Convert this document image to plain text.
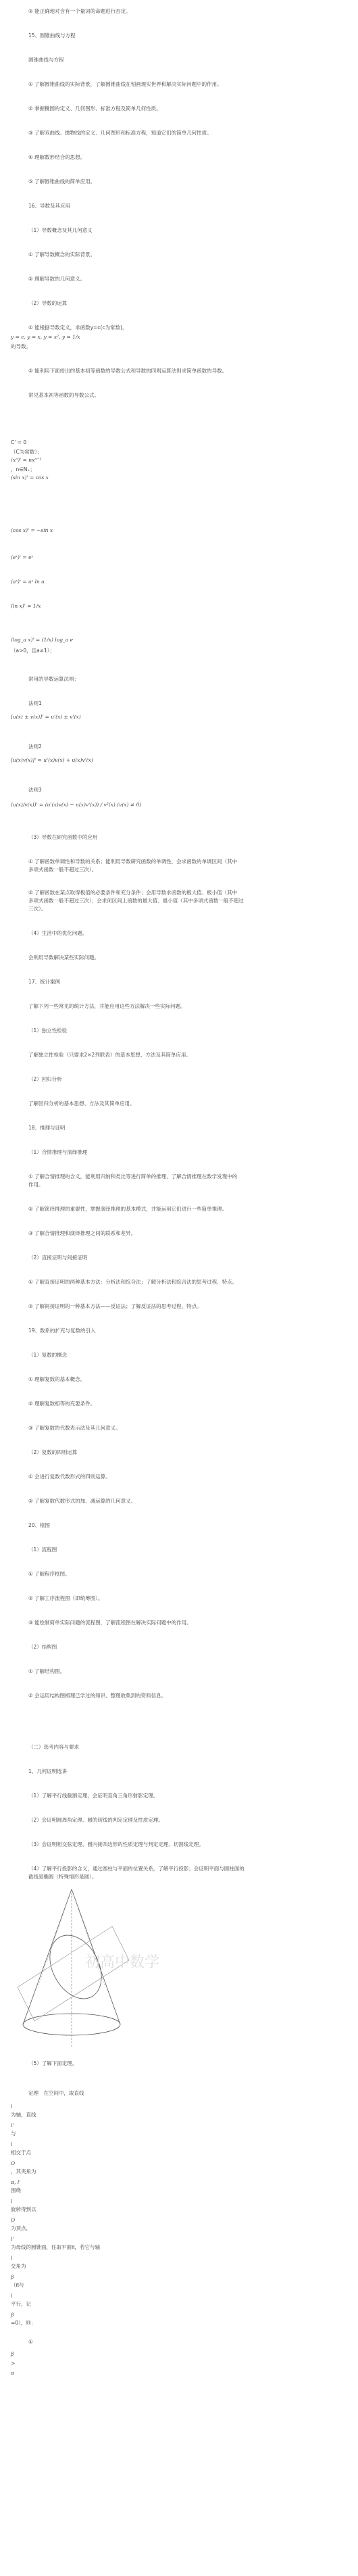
初高中数学
② 能正确地对含有一个量词的命题进行否定。
15、圆锥曲线与方程
圆锥曲线与方程
① 了解圆锥曲线的实际背景，了解圆锥曲线在刻画现实世界和解决实际问题中的作用。
② 掌握椭圆的定义、几何图形、标准方程及简单几何性质。
③ 了解双曲线、抛物线的定义、几何图形和标准方程，知道它们的简单几何性质。
④ 理解数形结合的思想。
⑤ 了解圆锥曲线的简单应用。
16、导数及其应用
（1）导数概念及其几何意义
① 了解导数概念的实际背景。
② 理解导数的几何意义。
（2）导数的运算
① 能根据导数定义，求函数y=c(c为常数)，
y = c, y = x, y = x², y = 1/x
的导数。
② 能利用下面给出的基本初等函数的导数公式和导数的四则运算法则求简单函数的导数。
常见基本初等函数的导数公式。
C' = 0
（C为常数）；
(xⁿ)' = nxⁿ⁻¹
，n∈N₊；
(sin x)' = cos x
(cos x)' = −sin x
(eˣ)' = eˣ
(aˣ)' = aˣ ln a
(ln x)' = 1/x
(log_a x)' = (1/x) log_a e
（a>0，且a≠1）；
常用的导数运算法则：
法则1
[u(x) ± v(x)]' = u'(x) ± v'(x)
法则2
[u(x)v(x)]' = u'(x)v(x) + u(x)v'(x)
法则3
(u(x)/v(x))' = (u'(x)v(x) − u(x)v'(x)) / v²(x) (v(x) ≠ 0)
（3）导数在研究函数中的应用
① 了解函数单调性和导数的关系；能利用导数研究函数的单调性，会求函数的单调区间（其中
多项式函数一般不超过三次）。
② 了解函数在某点取得极值的必要条件和充分条件；会用导数求函数的极大值、极小值（其中
多项式函数一般不超过三次）；会求闭区间上函数的最大值、最小值（其中多项式函数一般不超过
三次）。
（4）生活中的优化问题。
会利用导数解决某些实际问题。
17、统计案例
了解下列一些常见的统计方法，并能应用这些方法解决一些实际问题。
（1）独立性检验
了解独立性检验（只要求2×2列联表）的基本思想、方法及其简单应用。
（2）回归分析
了解回归分析的基本思想、方法及其简单应用。
18、推理与证明
（1）合情推理与演绎推理
① 了解合情推理的含义，能利用归纳和类比等进行简单的推理，了解合情推理在数学发现中的
作用。
② 了解演绎推理的重要性，掌握演绎推理的基本模式，并能运用它们进行一些简单推理。
③ 了解合情推理和演绎推理之间的联系和差异。
（2）直接证明与间接证明
① 了解直接证明的两种基本方法：分析法和综合法；了解分析法和综合法的思考过程、特点。
② 了解间接证明的一种基本方法——反证法；了解反证法的思考过程、特点。
19、数系的扩充与复数的引入
（1）复数的概念
① 理解复数的基本概念。
② 理解复数相等的充要条件。
③ 了解复数的代数表示法及其几何意义。
（2）复数的四则运算
① 会进行复数代数形式的四则运算。
② 了解复数代数形式的加、减运算的几何意义。
20、框图
（1）流程图
① 了解程序框图。
② 了解工序流程图（即统筹图）。
③ 能绘制简单实际问题的流程图，了解流程图在解决实际问题中的作用。
（2）结构图
① 了解结构图。
② 会运用结构图梳理已学过的知识、整理收集到的资料信息。
（二）选考内容与要求
1、几何证明选讲
（1）了解平行线截割定理，会证明直角三角形射影定理。
（2）会证明圆周角定理、圆的切线的判定定理及性质定理。
（3）会证明相交弦定理、圆内接四边形的性质定理与判定定理、切割线定理。
（4）了解平行投影的含义，通过圆柱与平面的位置关系，了解平行投影；会证明平面与圆柱面的
截线是椭圆（特殊情形是圆）。
（5）了解下面定理。
定理　在空间中，取直线
l
为轴，直线
l'
与
l
相交于点
O
，其夹角为
α, l'
围绕
l
旋转得到以
O
为顶点，
l'
为母线的圆锥面，任取平面π，若它与轴
l
交角为
β
（π与
l
平行，记
β
=0），则：
①
β
>
α
